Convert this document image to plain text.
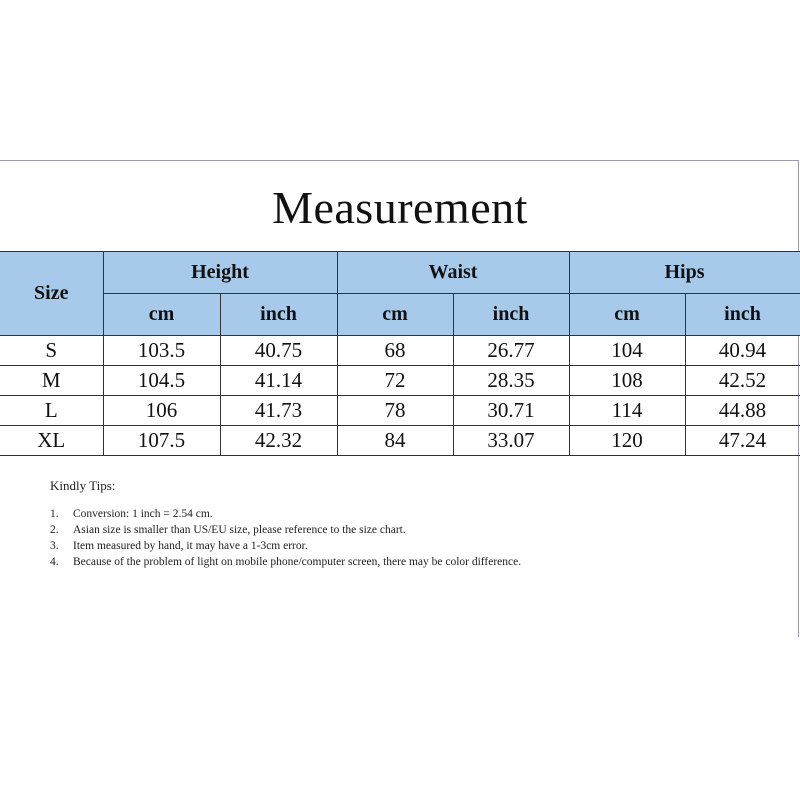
Measurement
Size	Height		Waist		Hips	
	cm	inch	cm	inch	cm	inch
S	103.5	40.75	68	26.77	104	40.94
M	104.5	41.14	72	28.35	108	42.52
L	106	41.73	78	30.71	114	44.88
XL	107.5	42.32	84	33.07	120	47.24
Kindly Tips:
1.	Conversion: 1 inch = 2.54 cm.
2.	Asian size is smaller than US/EU size, please reference to the size chart.
3.	Item measured by hand, it may have a 1-3cm error.
4.	Because of the problem of light on mobile phone/computer screen, there may be color difference.
